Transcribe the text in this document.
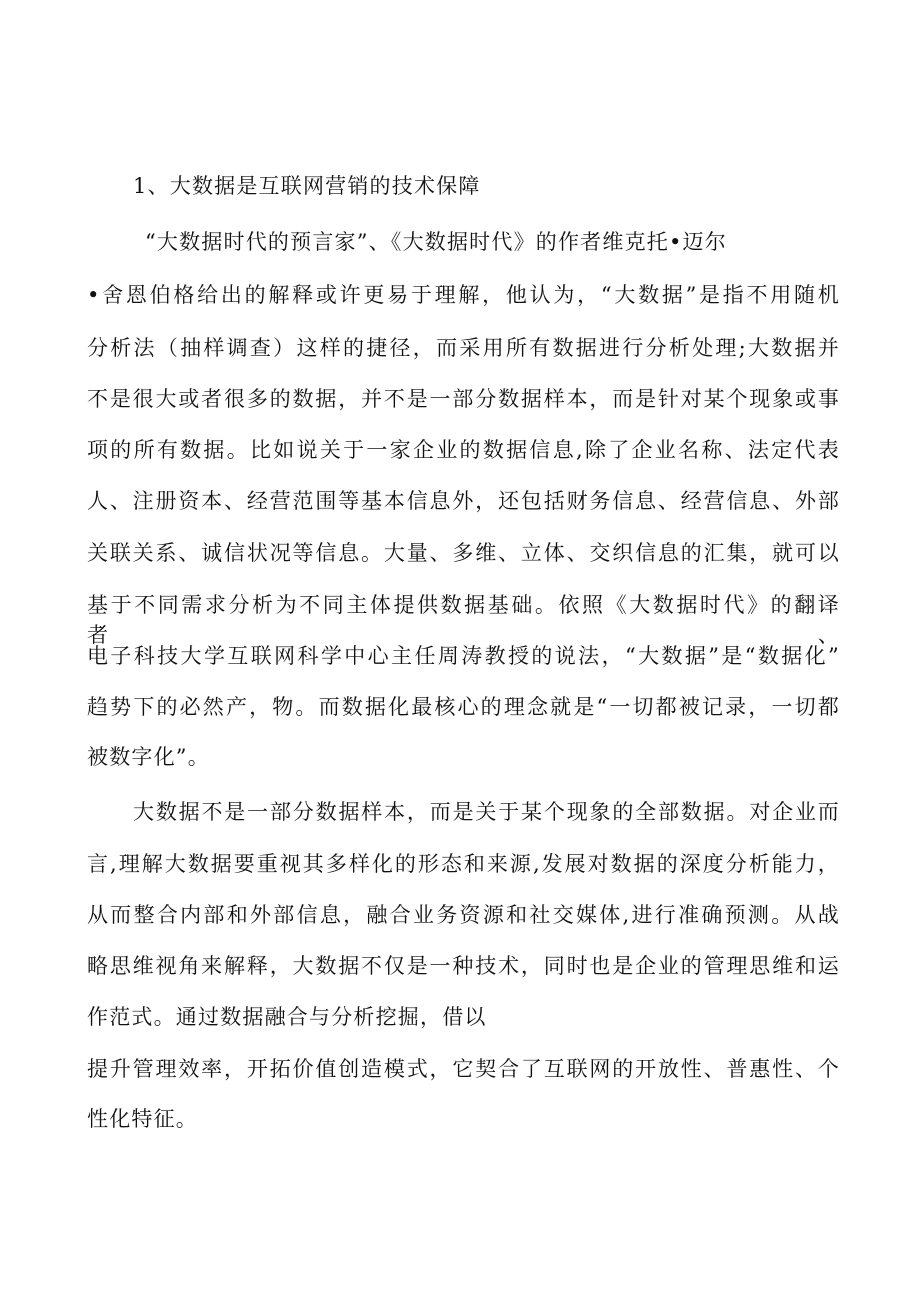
1、大数据是互联网营销的技术保障
“大数据时代的预言家”、《大数据时代》的作者维克托•迈尔
•舍恩伯格给出的解释或许更易于理解，他认为，“大数据”是指不用随机
分析法（抽样调查）这样的捷径，而采用所有数据进行分析处理;大数据并
不是很大或者很多的数据，并不是一部分数据样本，而是针对某个现象或事
项的所有数据。比如说关于一家企业的数据信息,除了企业名称、法定代表
人、注册资本、经营范围等基本信息外，还包括财务信息、经营信息、外部
关联关系、诚信状况等信息。大量、多维、立体、交织信息的汇集，就可以
基于不同需求分析为不同主体提供数据基础。依照《大数据时代》的翻译者、
电子科技大学互联网科学中心主任周涛教授的说法，“大数据”是“数据化”
趋势下的必然产，物。而数据化最核心的理念就是“一切都被记录，一切都
被数字化”。
大数据不是一部分数据样本，而是关于某个现象的全部数据。对企业而
言,理解大数据要重视其多样化的形态和来源,发展对数据的深度分析能力，
从而整合内部和外部信息，融合业务资源和社交媒体,进行准确预测。从战
略思维视角来解释，大数据不仅是一种技术，同时也是企业的管理思维和运
作范式。通过数据融合与分析挖掘，借以
提升管理效率，开拓价值创造模式，它契合了互联网的开放性、普惠性、个
性化特征。
